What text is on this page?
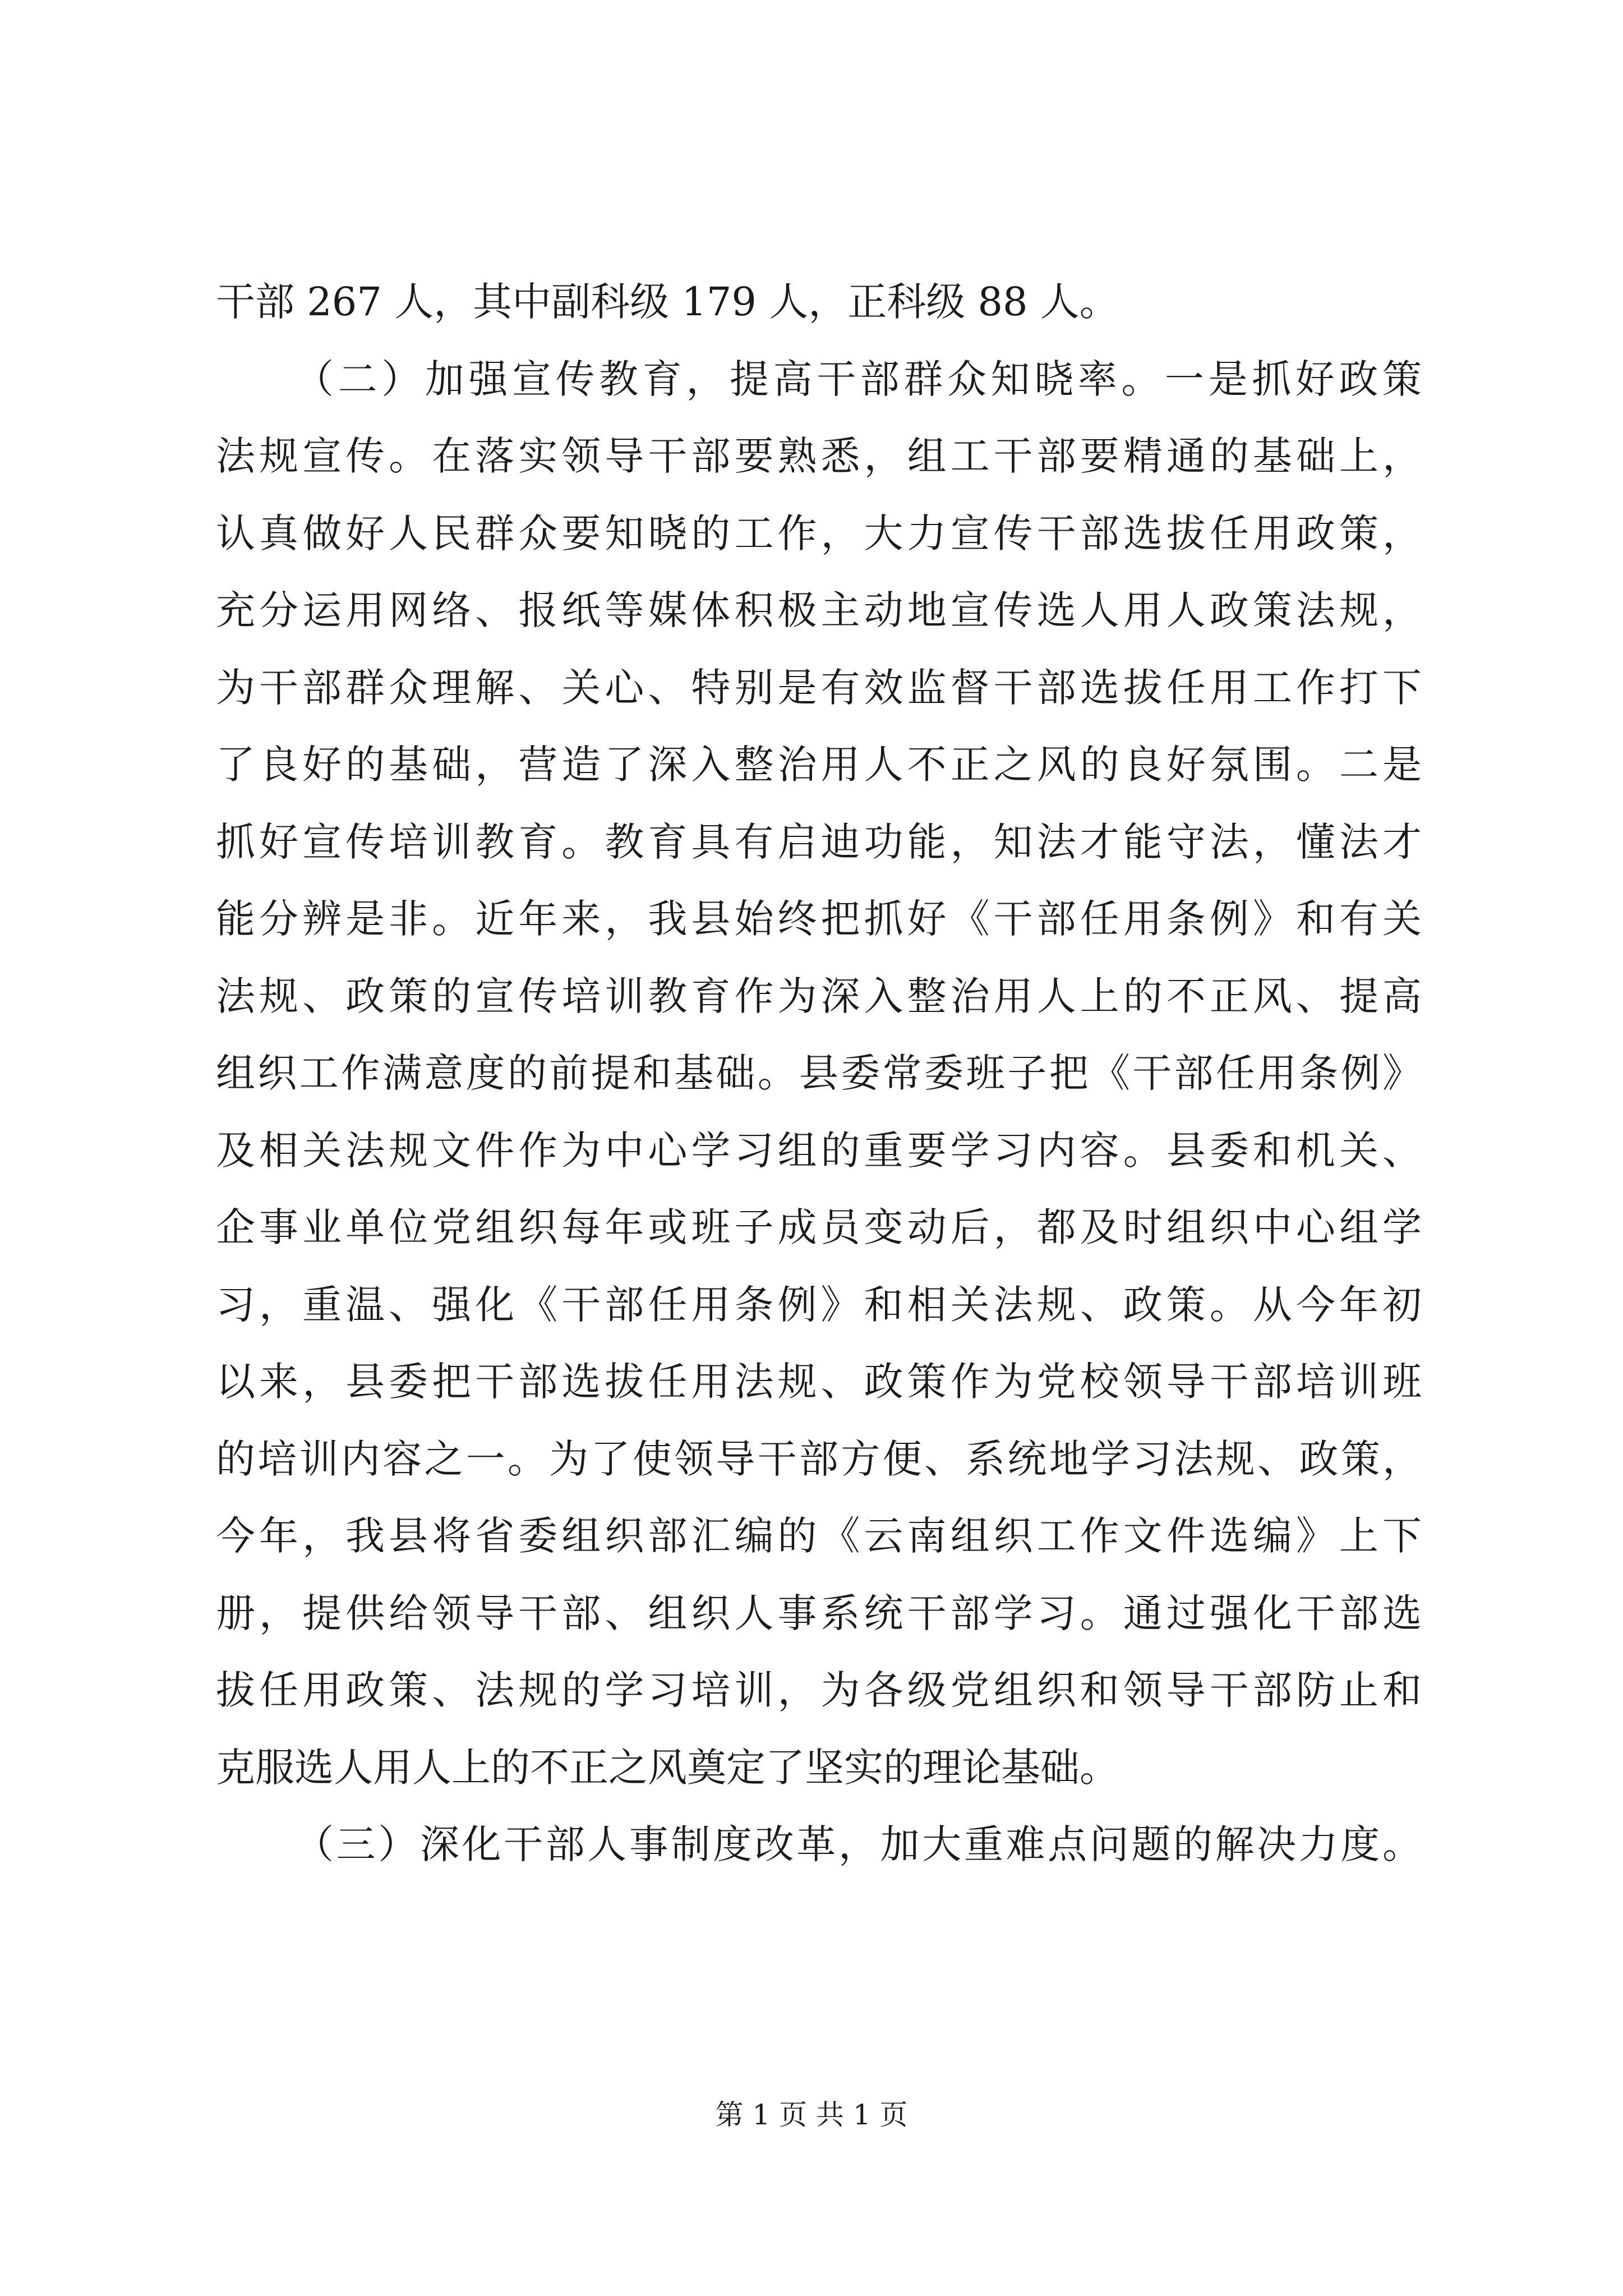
干部 267 人，其中副科级 179 人，正科级 88 人。
（二）加强宣传教育，提高干部群众知晓率。一是抓好政策
法规宣传。在落实领导干部要熟悉，组工干部要精通的基础上，
认真做好人民群众要知晓的工作，大力宣传干部选拔任用政策，
充分运用网络、报纸等媒体积极主动地宣传选人用人政策法规，
为干部群众理解、关心、特别是有效监督干部选拔任用工作打下
了良好的基础，营造了深入整治用人不正之风的良好氛围。二是
抓好宣传培训教育。教育具有启迪功能，知法才能守法，懂法才
能分辨是非。近年来，我县始终把抓好《干部任用条例》和有关
法规、政策的宣传培训教育作为深入整治用人上的不正风、提高
组织工作满意度的前提和基础。县委常委班子把《干部任用条例》
及相关法规文件作为中心学习组的重要学习内容。县委和机关、
企事业单位党组织每年或班子成员变动后，都及时组织中心组学
习，重温、强化《干部任用条例》和相关法规、政策。从今年初
以来，县委把干部选拔任用法规、政策作为党校领导干部培训班
的培训内容之一。为了使领导干部方便、系统地学习法规、政策，
今年，我县将省委组织部汇编的《云南组织工作文件选编》上下
册，提供给领导干部、组织人事系统干部学习。通过强化干部选
拔任用政策、法规的学习培训，为各级党组织和领导干部防止和
克服选人用人上的不正之风奠定了坚实的理论基础。
（三）深化干部人事制度改革，加大重难点问题的解决力度。
第 1 页 共 1 页
